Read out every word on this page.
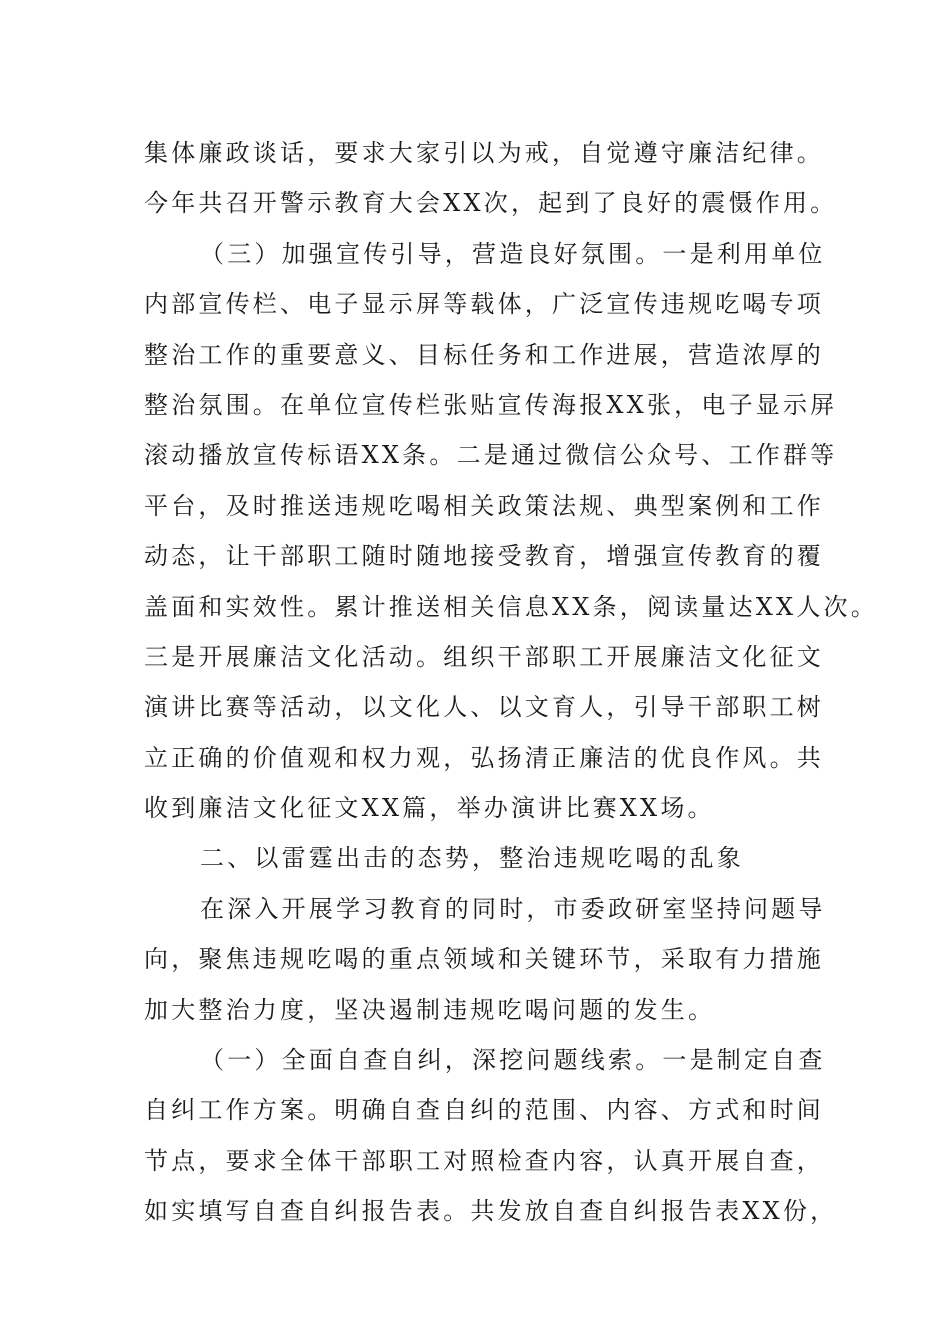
集体廉政谈话，要求大家引以为戒，自觉遵守廉洁纪律。
今年共召开警示教育大会XX次，起到了良好的震慑作用。
（三）加强宣传引导，营造良好氛围。一是利用单位
内部宣传栏、电子显示屏等载体，广泛宣传违规吃喝专项
整治工作的重要意义、目标任务和工作进展，营造浓厚的
整治氛围。在单位宣传栏张贴宣传海报XX张，电子显示屏
滚动播放宣传标语XX条。二是通过微信公众号、工作群等
平台，及时推送违规吃喝相关政策法规、典型案例和工作
动态，让干部职工随时随地接受教育，增强宣传教育的覆
盖面和实效性。累计推送相关信息XX条，阅读量达XX人次。
三是开展廉洁文化活动。组织干部职工开展廉洁文化征文
演讲比赛等活动，以文化人、以文育人，引导干部职工树
立正确的价值观和权力观，弘扬清正廉洁的优良作风。共
收到廉洁文化征文XX篇，举办演讲比赛XX场。
二、以雷霆出击的态势，整治违规吃喝的乱象
在深入开展学习教育的同时，市委政研室坚持问题导
向，聚焦违规吃喝的重点领域和关键环节，采取有力措施
加大整治力度，坚决遏制违规吃喝问题的发生。
（一）全面自查自纠，深挖问题线索。一是制定自查
自纠工作方案。明确自查自纠的范围、内容、方式和时间
节点，要求全体干部职工对照检查内容，认真开展自查，
如实填写自查自纠报告表。共发放自查自纠报告表XX份，
